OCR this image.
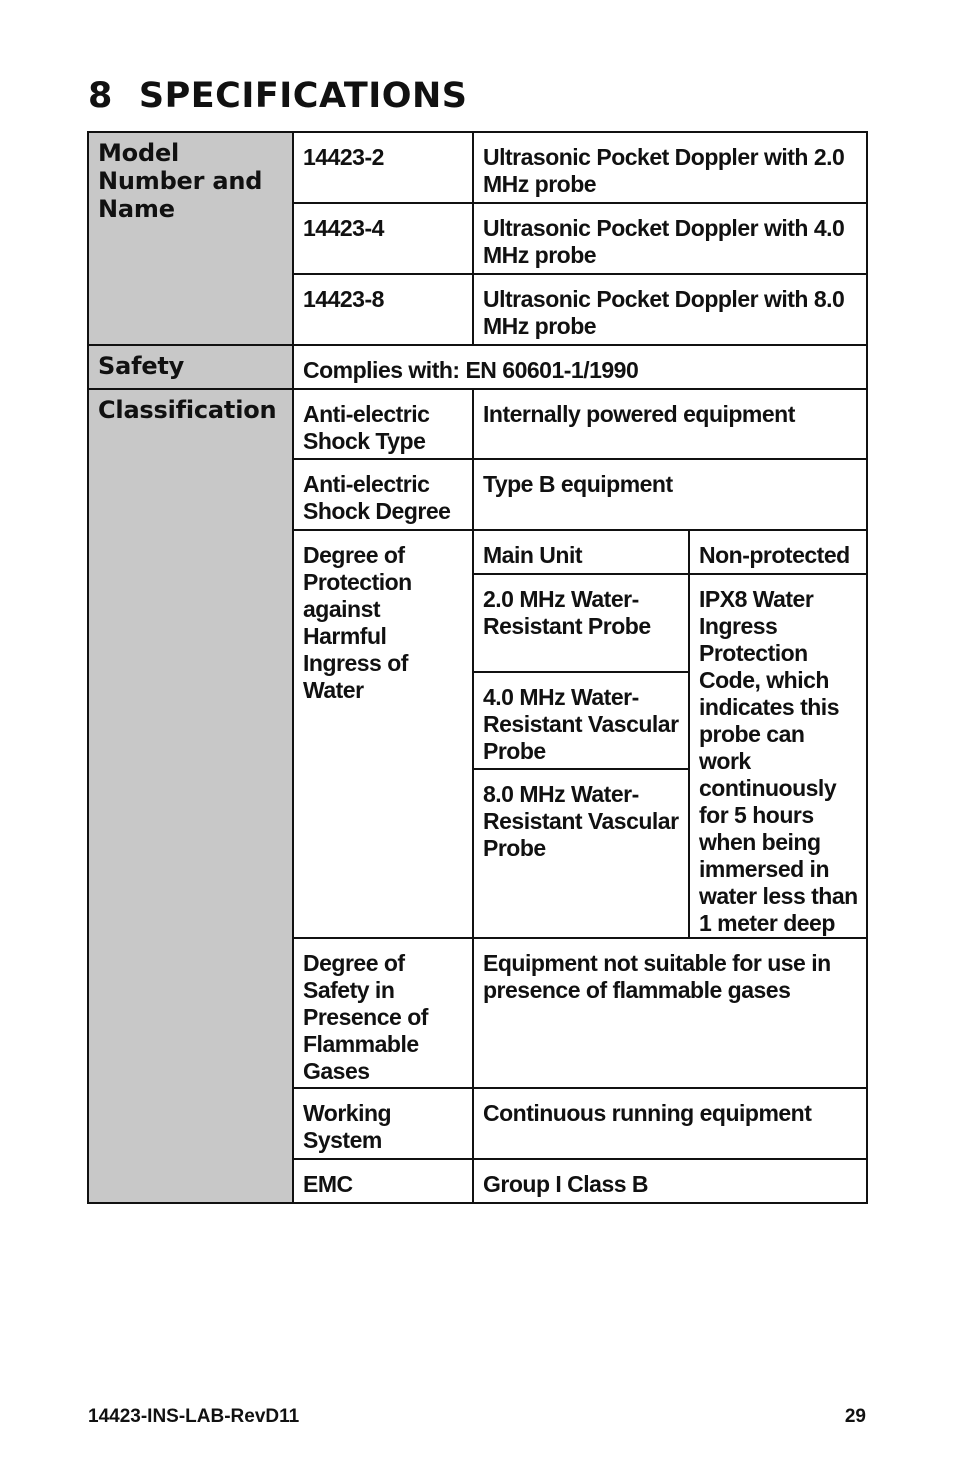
8 SPECIFICATIONS
Model Number and Name	14423-2	Ultrasonic Pocket Doppler with 2.0 MHz probe	

	14423-4	Ultrasonic Pocket Doppler with 4.0 MHz probe	

	14423-8	Ultrasonic Pocket Doppler with 8.0 MHz probe	

Safety	Complies with: EN 60601-1/1990		

Classification	Anti-electric Shock Type	Internally powered equipment	

	Anti-electric Shock Degree	Type B equipment	

	Degree of Protection against Harmful Ingress of Water	Main Unit	Non-protected

		2.0 MHz Water-Resistant Probe	IPX8 Water Ingress Protection Code, which indicates this probe can work continuously for 5 hours when being immersed in water less than 1 meter deep

		4.0 MHz Water-Resistant Vascular Probe	

		8.0 MHz Water-Resistant Vascular Probe	

	Degree of Safety in Presence of Flammable Gases	Equipment not suitable for use in presence of flammable gases	

	Working System	Continuous running equipment	

	EMC	Group I Class B	
14423-INS-LAB-RevD11	29
